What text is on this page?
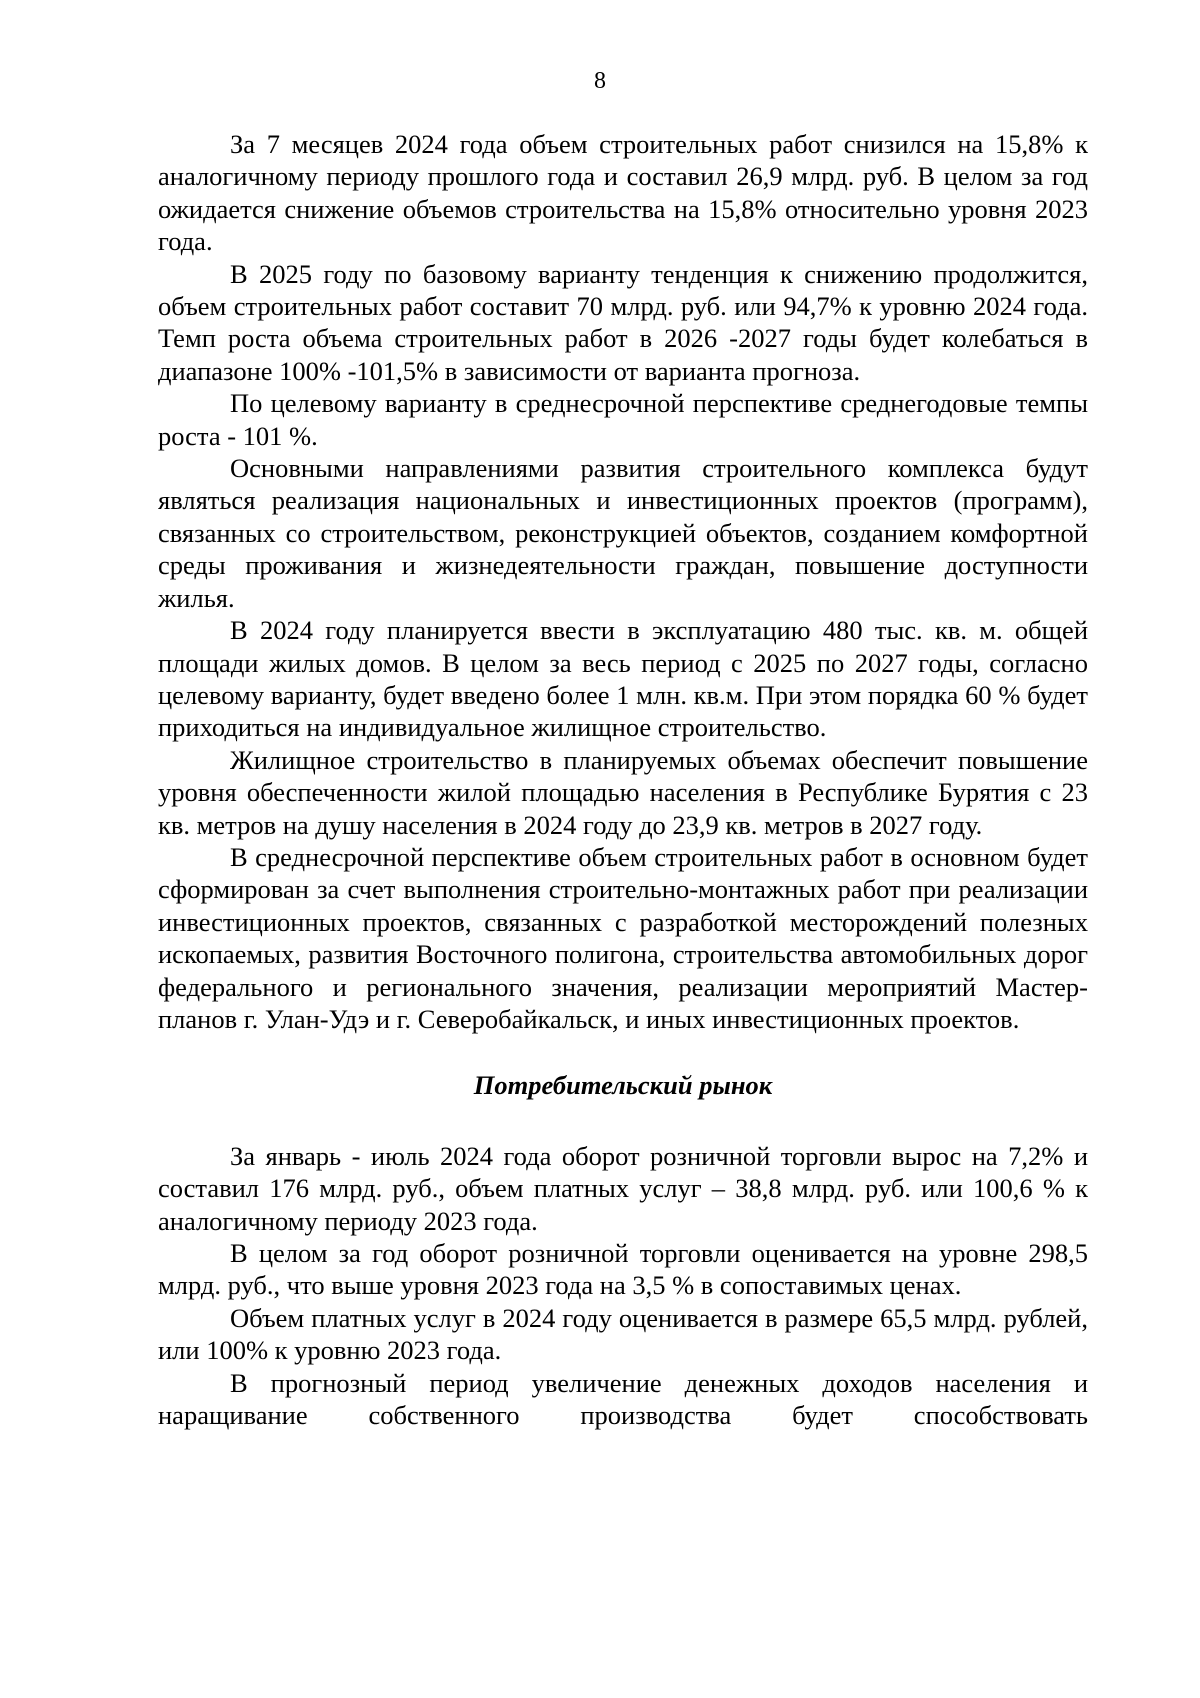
8

За 7 месяцев 2024 года объем строительных работ снизился на 15,8% к аналогичному периоду прошлого года и составил 26,9 млрд. руб. В целом за год ожидается снижение объемов строительства на 15,8% относительно уровня 2023 года.

В 2025 году по базовому варианту тенденция к снижению продолжится, объем строительных работ составит 70 млрд. руб. или 94,7% к уровню 2024 года. Темп роста объема строительных работ в 2026 -2027 годы будет колебаться в диапазоне 100% -101,5% в зависимости от варианта прогноза.

По целевому варианту в среднесрочной перспективе среднегодовые темпы роста - 101 %.

Основными направлениями развития строительного комплекса будут являться реализация национальных и инвестиционных проектов (программ), связанных со строительством, реконструкцией объектов, созданием комфортной среды проживания и жизнедеятельности граждан, повышение доступности жилья.

В 2024 году планируется ввести в эксплуатацию 480 тыс. кв. м. общей площади жилых домов. В целом за весь период с 2025 по 2027 годы, согласно целевому варианту, будет введено более 1 млн. кв.м. При этом порядка 60 % будет приходиться на индивидуальное жилищное строительство.

Жилищное строительство в планируемых объемах обеспечит повышение уровня обеспеченности жилой площадью населения в Республике Бурятия с 23 кв. метров на душу населения в 2024 году до 23,9 кв. метров в 2027 году.

В среднесрочной перспективе объем строительных работ в основном будет сформирован за счет выполнения строительно-монтажных работ при реализации инвестиционных проектов, связанных с разработкой месторождений полезных ископаемых, развития Восточного полигона, строительства автомобильных дорог федерального и регионального значения, реализации мероприятий Мастер-планов г. Улан-Удэ и г. Северобайкальск, и иных инвестиционных проектов.

Потребительский рынок

За январь - июль 2024 года оборот розничной торговли вырос на 7,2% и составил 176 млрд. руб., объем платных услуг – 38,8 млрд. руб. или 100,6 % к аналогичному периоду 2023 года.

В целом за год оборот розничной торговли оценивается на уровне 298,5 млрд. руб., что выше уровня 2023 года на 3,5 % в сопоставимых ценах.

Объем платных услуг в 2024 году оценивается в размере 65,5 млрд. рублей, или 100% к уровню 2023 года.

В прогнозный период увеличение денежных доходов населения и наращивание собственного производства будет способствовать
